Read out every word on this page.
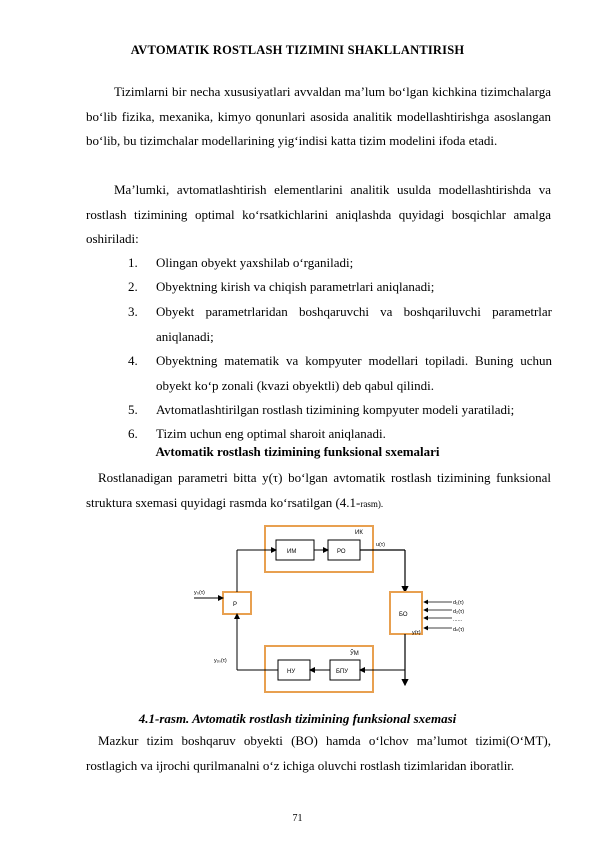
AVTOMATIK ROSTLASH TIZIMINI SHAKLLANTIRISH
Tizimlarni bir necha xususiyatlari avvaldan ma’lum bo‘lgan kichkina tizimchalarga bo‘lib fizika, mexanika, kimyo qonunlari asosida analitik modellashtirishga asoslangan bo‘lib, bu tizimchalar modellarining yig‘indisi katta tizim modelini ifoda etadi.
Ma’lumki, avtomatlashtirish elementlarini analitik usulda modellashtirishda va rostlash tizimining optimal ko‘rsatkichlarini aniqlashda quyidagi bosqichlar amalga oshiriladi:
1. Olingan obyekt yaxshilab o‘rganiladi;
2. Obyektning kirish va chiqish parametrlari aniqlanadi;
3. Obyekt parametrlaridan boshqaruvchi va boshqariluvchi parametrlar aniqlanadi;
4. Obyektning matematik va kompyuter modellari topiladi. Buning uchun obyekt ko‘p zonali (kvazi obyektli) deb qabul qilindi.
5. Avtomatlashtirilgan rostlash tizimining kompyuter modeli yaratiladi;
6. Tizim uchun eng optimal sharoit aniqlanadi.
Avtomatik rostlash tizimining funksional sxemalari
Rostlanadigan parametri bitta y(τ) bo‘lgan avtomatik rostlash tizimining funksional struktura sxemasi quyidagi rasmda ko‘rsatilgan (4.1-rasm).
ИК
ИМ	РО
u(τ)
Р
y₀(τ)
БО
d₁(τ)
d₂(τ)
......
dₙ(τ)
y(τ)
ЎМ
НУ	БПУ
yₒₛ(τ)
4.1-rasm. Avtomatik rostlash tizimining funksional sxemasi
Mazkur tizim boshqaruv obyekti (BO) hamda o‘lchov ma’lumot tizimi(O‘MT), rostlagich va ijrochi qurilmanalni o‘z ichiga oluvchi rostlash tizimlaridan iboratlir.
71
